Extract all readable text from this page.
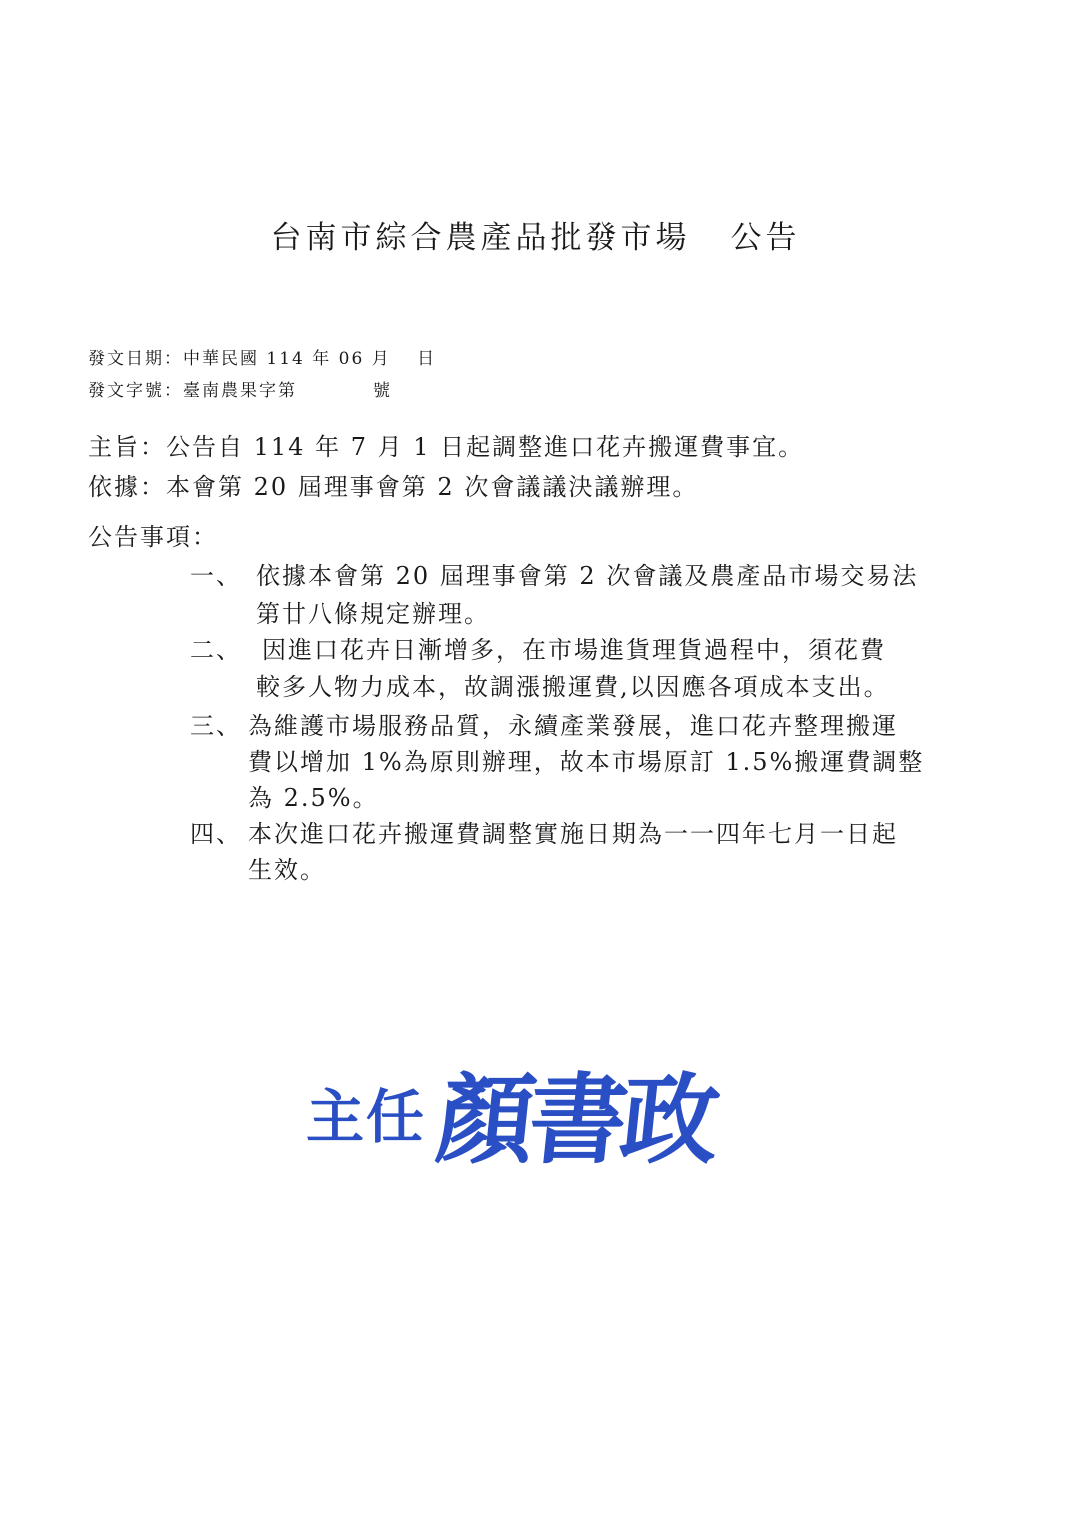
台南市綜合農產品批發市場 公告
發文日期：中華民國 114 年 06 月　 日
發文字號：臺南農果字第　　　　號
主旨：公告自 114 年 7 月 1 日起調整進口花卉搬運費事宜。
依據：本會第 20 屆理事會第 2 次會議議決議辦理。
公告事項：
一、 依據本會第 20 屆理事會第 2 次會議及農產品市場交易法
第廿八條規定辦理。
二、 因進口花卉日漸增多，在市場進貨理貨過程中，須花費
較多人物力成本，故調漲搬運費,以因應各項成本支出。
三、 為維護市場服務品質，永續產業發展，進口花卉整理搬運
費以增加 1%為原則辦理，故本市場原訂 1.5%搬運費調整
為 2.5%。
四、 本次進口花卉搬運費調整實施日期為一一四年七月一日起
生效。
主任 顏書政
